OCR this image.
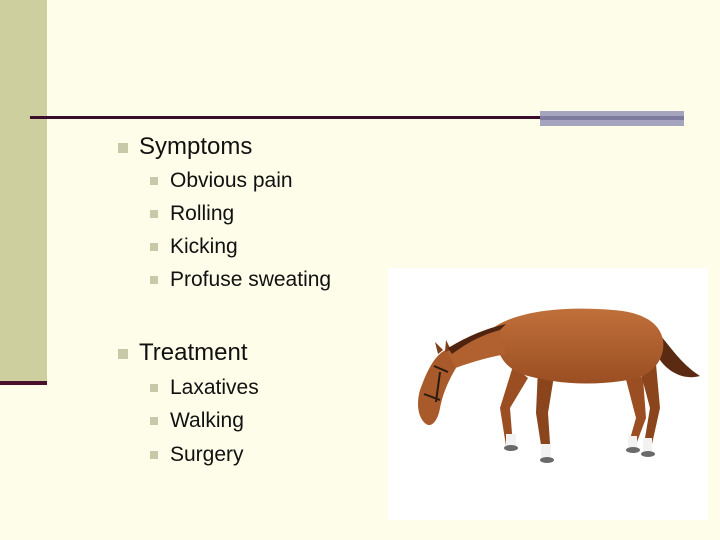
Symptoms
Obvious pain
Rolling
Kicking
Profuse sweating
Treatment
Laxatives
Walking
Surgery
